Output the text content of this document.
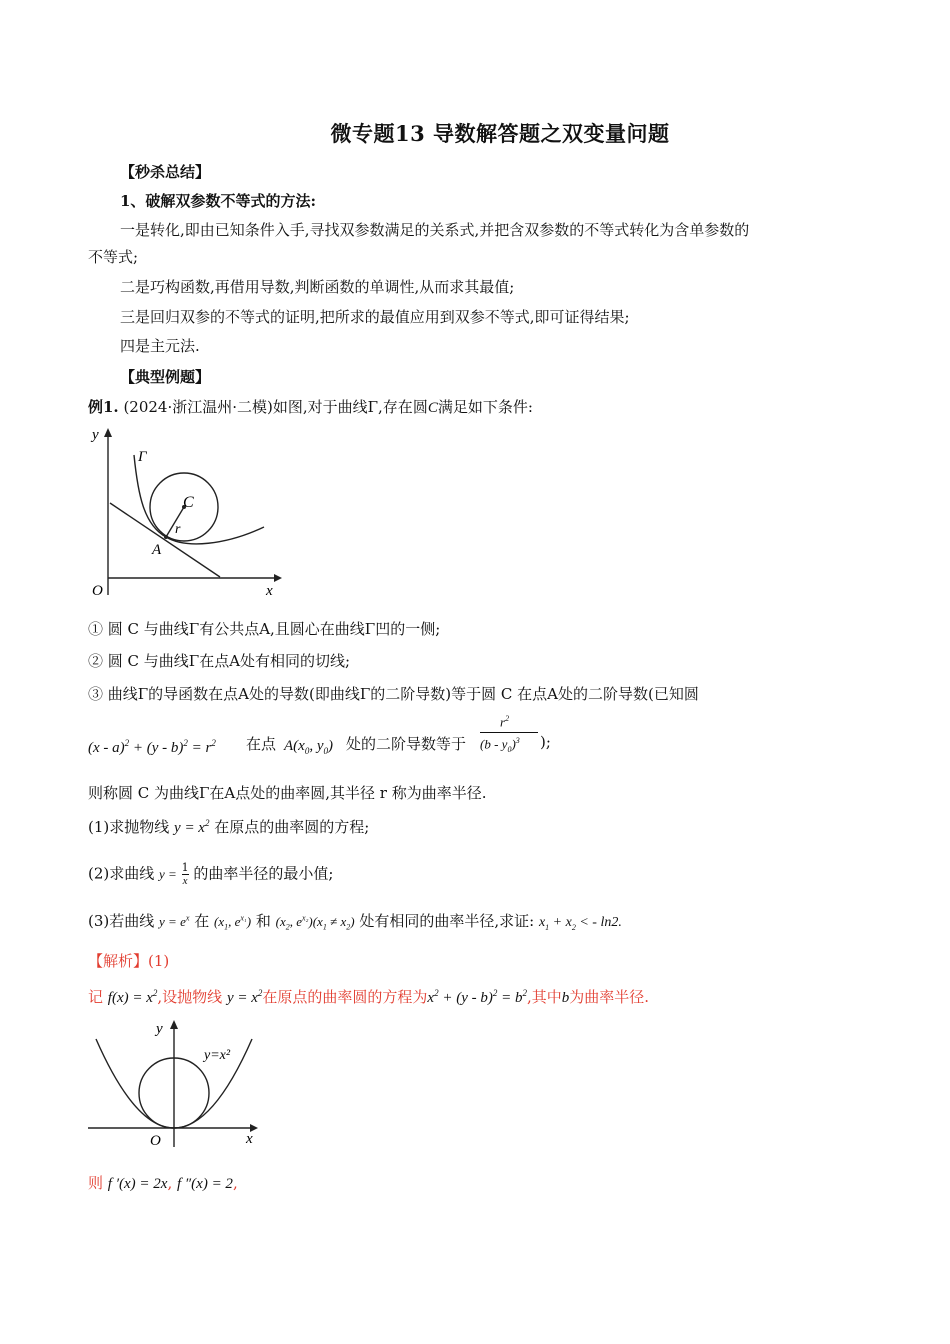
微专题13 导数解答题之双变量问题
【秒杀总结】
1、破解双参数不等式的方法:
一是转化,即由已知条件入手,寻找双参数满足的关系式,并把含双参数的不等式转化为含单参数的
不等式;
二是巧构函数,再借用导数,判断函数的单调性,从而求其最值;
三是回归双参的不等式的证明,把所求的最值应用到双参不等式,即可证得结果;
四是主元法.
【典型例题】
例1. (2024·浙江温州·二模)如图,对于曲线Γ,存在圆C满足如下条件:
y
x
O
Γ
C
r
A
① 圆 C 与曲线Γ有公共点A,且圆心在曲线Γ凹的一侧;
② 圆 C 与曲线Γ在点A处有相同的切线;
③ 曲线Γ的导函数在点A处的导数(即曲线Γ的二阶导数)等于圆 C 在点A处的二阶导数(已知圆
$(x - a)^2 + (y - b)^2 = r^2$ 在点 $A(x_0$, $y_0$) 处的二阶导数等于
$r^2$
$(b - y_0)^3$ );
则称圆 C 为曲线Γ在A点处的曲率圆,其半径 r 称为曲率半径.
(1)求抛物线 $y = x^2$ 在原点的曲率圆的方程;
(2)求曲线 $y = \frac{1}{x}$ 的曲率半径的最小值;
(3)若曲线 $y = e^x$ 在 ($x_1$, $e^{x_1}$) 和 ($x_2$, $e^{x_2})(x_1 \ne x_2)$ 处有相同的曲率半径,求证: $x_1 + x_2$ < - ln2.
【解析】(1)
记 $f(x) = x^2$,设抛物线 $y = x^2$在原点的曲率圆的方程为$x^2 + (y - b)^2 = b^2$,其中b为曲率半径.
y
x
O
y=x²
则 f ′(x) = 2x, f ″(x) = 2,
